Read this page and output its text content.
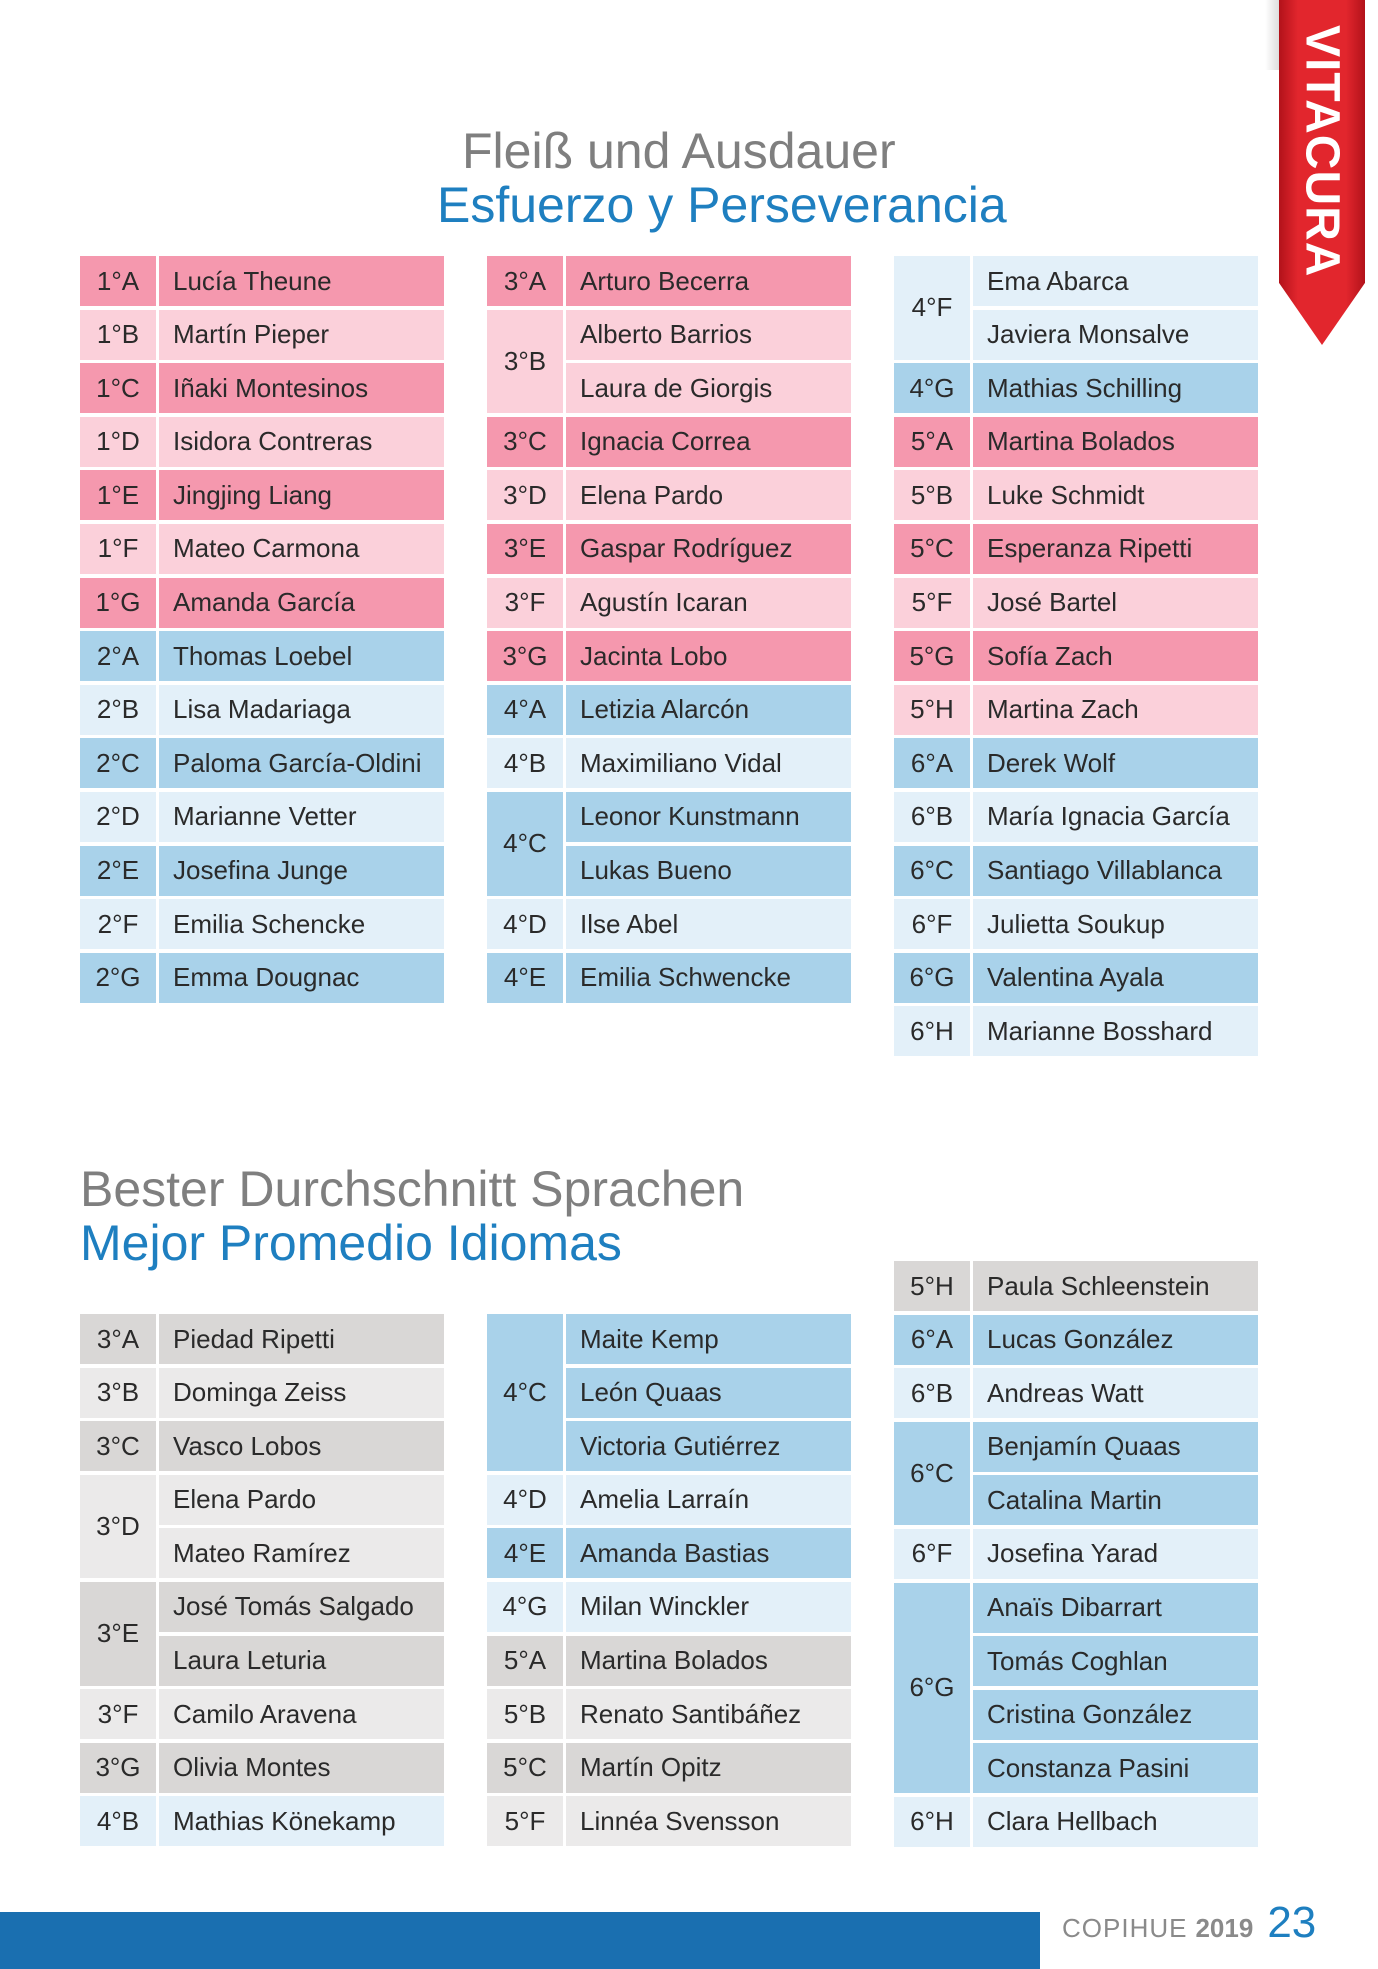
VITACURA
Fleiß und Ausdauer
Esfuerzo y Perseverancia
1°A	Lucía Theune
1°B	Martín Pieper
1°C	Iñaki Montesinos
1°D	Isidora Contreras
1°E	Jingjing Liang
1°F	Mateo Carmona
1°G	Amanda García
2°A	Thomas Loebel
2°B	Lisa Madariaga
2°C	Paloma García-Oldini
2°D	Marianne Vetter
2°E	Josefina Junge
2°F	Emilia Schencke
2°G	Emma Dougnac
3°A	Arturo Becerra
3°B
Alberto Barrios
Laura de Giorgis
3°C	Ignacia Correa
3°D	Elena Pardo
3°E	Gaspar Rodríguez
3°F	Agustín Icaran
3°G	Jacinta Lobo
4°A	Letizia Alarcón
4°B	Maximiliano Vidal
4°C
Leonor Kunstmann
Lukas Bueno
4°D	Ilse Abel
4°E	Emilia Schwencke
4°F
Ema Abarca
Javiera Monsalve
4°G	Mathias Schilling
5°A	Martina Bolados
5°B	Luke Schmidt
5°C	Esperanza Ripetti
5°F	José Bartel
5°G	Sofía Zach
5°H	Martina Zach
6°A	Derek Wolf
6°B	María Ignacia García
6°C	Santiago Villablanca
6°F	Julietta Soukup
6°G	Valentina Ayala
6°H	Marianne Bosshard
Bester Durchschnitt Sprachen
Mejor Promedio Idiomas
3°A	Piedad Ripetti
3°B	Dominga Zeiss
3°C	Vasco Lobos
3°D
Elena Pardo
Mateo Ramírez
3°E
José Tomás Salgado
Laura Leturia
3°F	Camilo Aravena
3°G	Olivia Montes
4°B	Mathias Könekamp
4°C
Maite Kemp
León Quaas
Victoria Gutiérrez
4°D	Amelia Larraín
4°E	Amanda Bastias
4°G	Milan Winckler
5°A	Martina Bolados
5°B	Renato Santibáñez
5°C	Martín Opitz
5°F	Linnéa Svensson
5°H	Paula Schleenstein
6°A	Lucas González
6°B	Andreas Watt
6°C
Benjamín Quaas
Catalina Martin
6°F	Josefina Yarad
6°G
Anaïs Dibarrart
Tomás Coghlan
Cristina González
Constanza Pasini
6°H	Clara Hellbach
COPIHUE 2019 23
